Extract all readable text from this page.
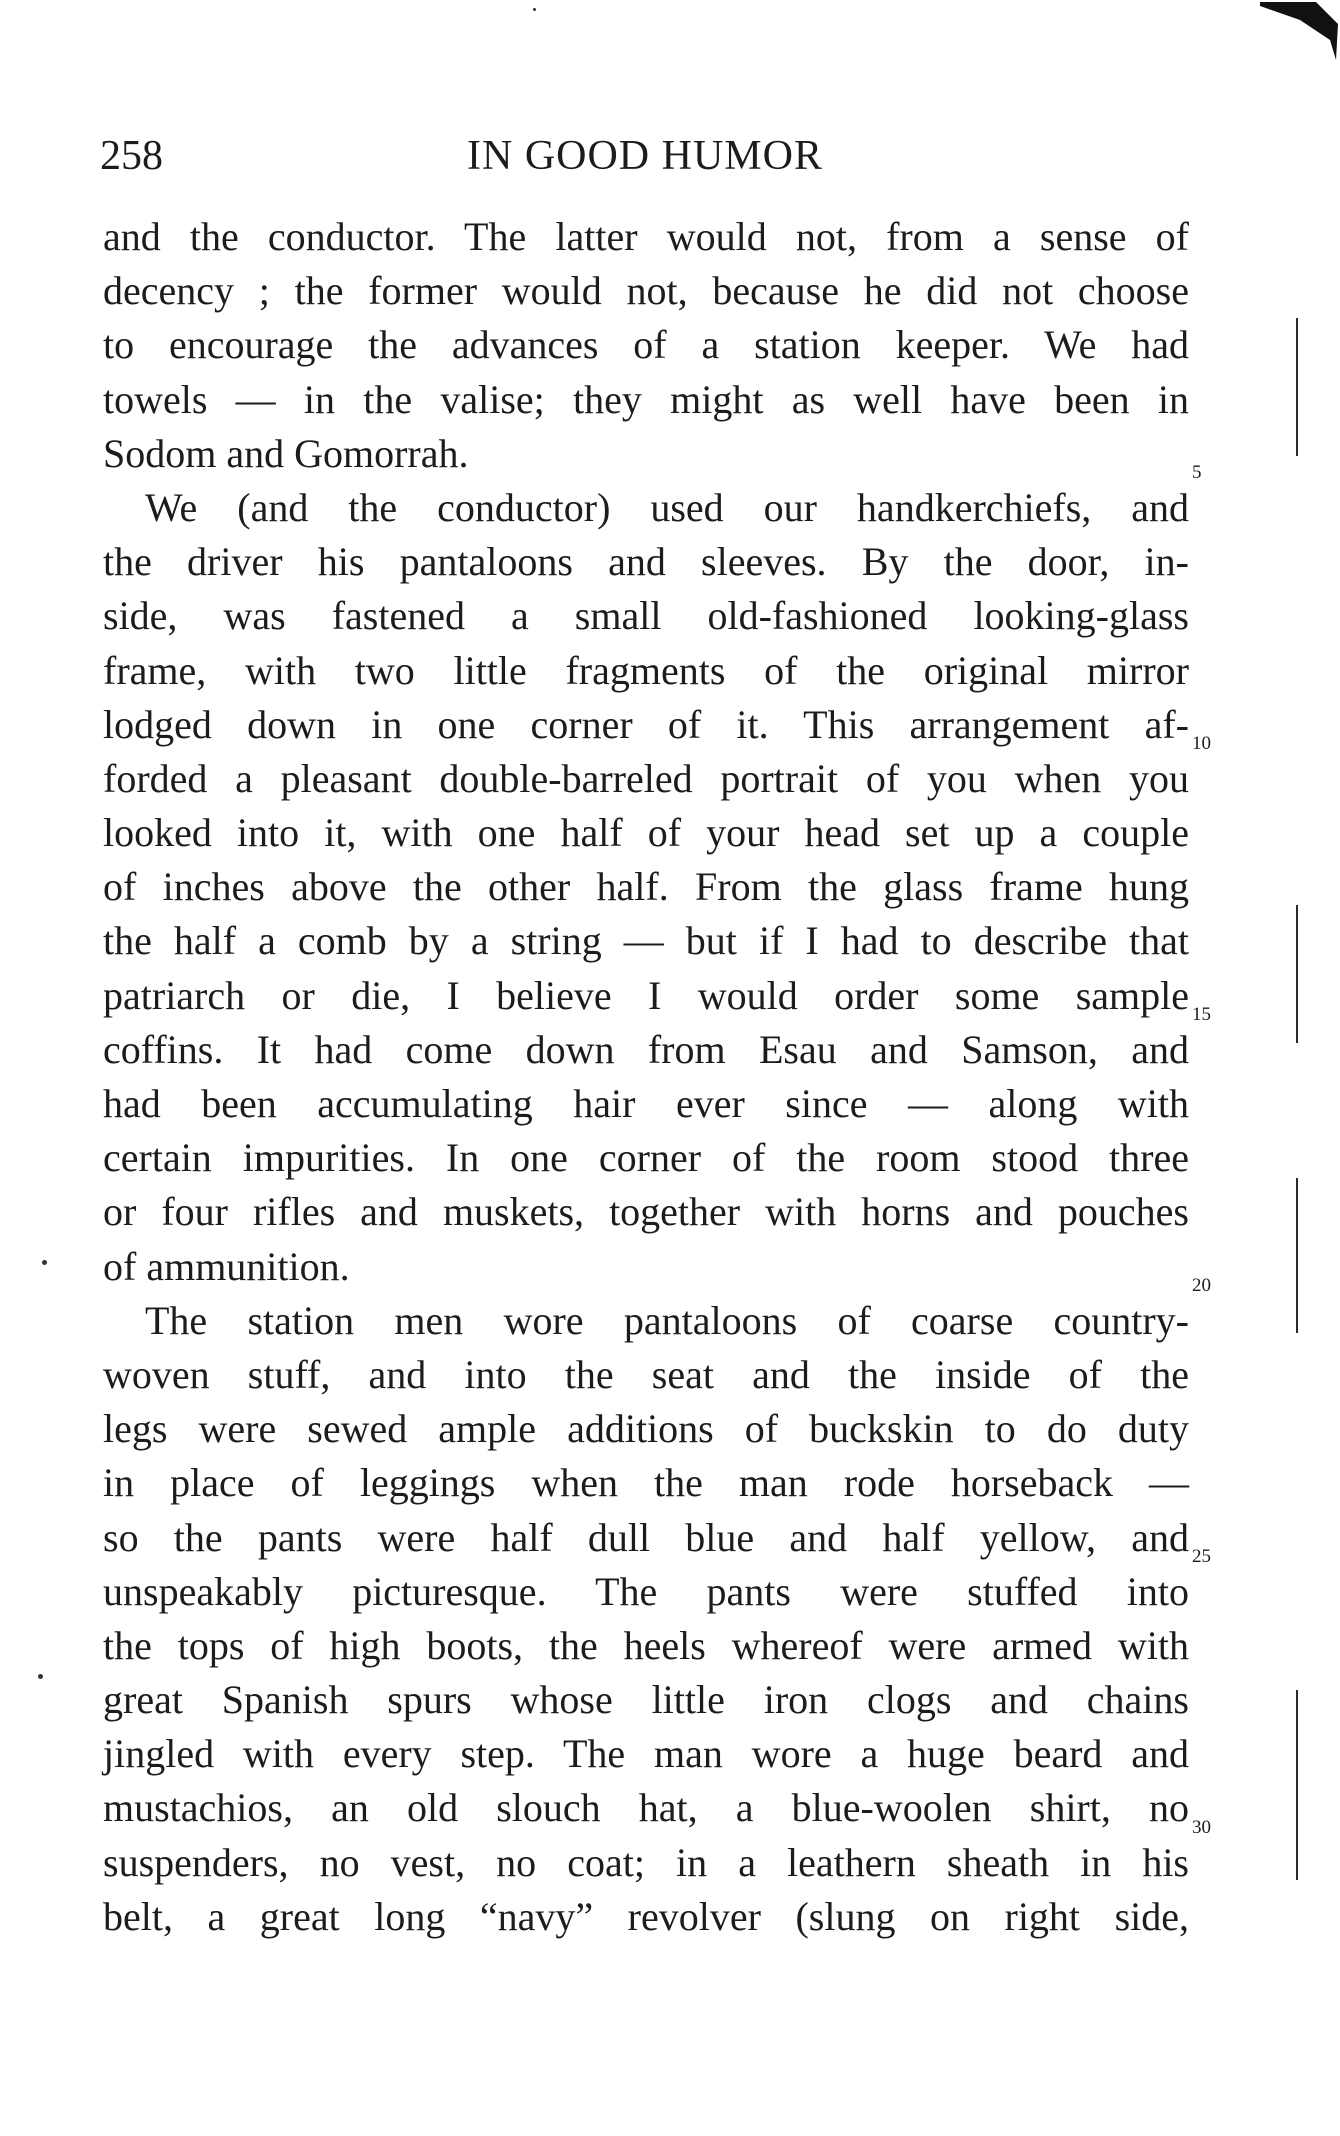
258	IN GOOD HUMOR
and the conductor. The latter would not, from a sense of
decency ; the former would not, because he did not choose
to encourage the advances of a station keeper. We had
towels — in the valise; they might as well have been in
Sodom and Gomorrah.
We (and the conductor) used our handkerchiefs, and
the driver his pantaloons and sleeves. By the door, in-
side, was fastened a small old-fashioned looking-glass
frame, with two little fragments of the original mirror
lodged down in one corner of it. This arrangement af-
forded a pleasant double-barreled portrait of you when you
looked into it, with one half of your head set up a couple
of inches above the other half. From the glass frame hung
the half a comb by a string — but if I had to describe that
patriarch or die, I believe I would order some sample
coffins. It had come down from Esau and Samson, and
had been accumulating hair ever since — along with
certain impurities. In one corner of the room stood three
or four rifles and muskets, together with horns and pouches
of ammunition.
The station men wore pantaloons of coarse country-
woven stuff, and into the seat and the inside of the
legs were sewed ample additions of buckskin to do duty
in place of leggings when the man rode horseback —
so the pants were half dull blue and half yellow, and
unspeakably picturesque. The pants were stuffed into
the tops of high boots, the heels whereof were armed with
great Spanish spurs whose little iron clogs and chains
jingled with every step. The man wore a huge beard and
mustachios, an old slouch hat, a blue-woolen shirt, no
suspenders, no vest, no coat; in a leathern sheath in his
belt, a great long “navy” revolver (slung on right side,
5
10
15
20
25
30
